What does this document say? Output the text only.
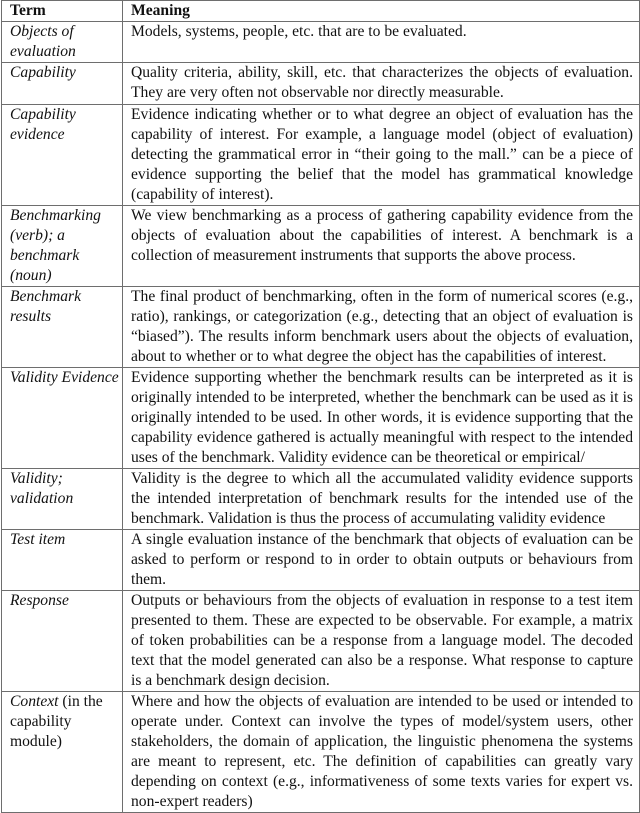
Term	Meaning
Objects of evaluation	Models, systems, people, etc. that are to be evaluated.
Capability	Quality criteria, ability, skill, etc. that characterizes the objects of evaluation. They are very often not observable nor directly measurable.
Capability evidence	Evidence indicating whether or to what degree an object of evaluation has the capability of interest. For example, a language model (object of evaluation) detecting the grammatical error in “their going to the mall.” can be a piece of evidence supporting the belief that the model has grammatical knowledge (capability of interest).
Benchmarking (verb); a benchmark (noun)	We view benchmarking as a process of gathering capability evidence from the objects of evaluation about the capabilities of interest. A benchmark is a collection of measurement instruments that supports the above process.
Benchmark results	The final product of benchmarking, often in the form of numerical scores (e.g., ratio), rankings, or categorization (e.g., detecting that an object of evaluation is “biased”). The results inform benchmark users about the objects of evaluation, about to whether or to what degree the object has the capabilities of interest.
Validity Evidence	Evidence supporting whether the benchmark results can be interpreted as it is originally intended to be interpreted, whether the benchmark can be used as it is originally intended to be used. In other words, it is evidence supporting that the capability evidence gathered is actually meaningful with respect to the intended uses of the benchmark. Validity evidence can be theoretical or empirical/
Validity; validation	Validity is the degree to which all the accumulated validity evidence supports the intended interpretation of benchmark results for the intended use of the benchmark. Validation is thus the process of accumulating validity evidence
Test item	A single evaluation instance of the benchmark that objects of evaluation can be asked to perform or respond to in order to obtain outputs or behaviours from them.
Response	Outputs or behaviours from the objects of evaluation in response to a test item presented to them. These are expected to be observable. For example, a matrix of token probabilities can be a response from a language model. The decoded text that the model generated can also be a response. What response to capture is a benchmark design decision.
Context (in the capability module)	Where and how the objects of evaluation are intended to be used or intended to operate under. Context can involve the types of model/system users, other stakeholders, the domain of application, the linguistic phenomena the systems are meant to represent, etc. The definition of capabilities can greatly vary depending on context (e.g., informativeness of some texts varies for expert vs. non-expert readers)
